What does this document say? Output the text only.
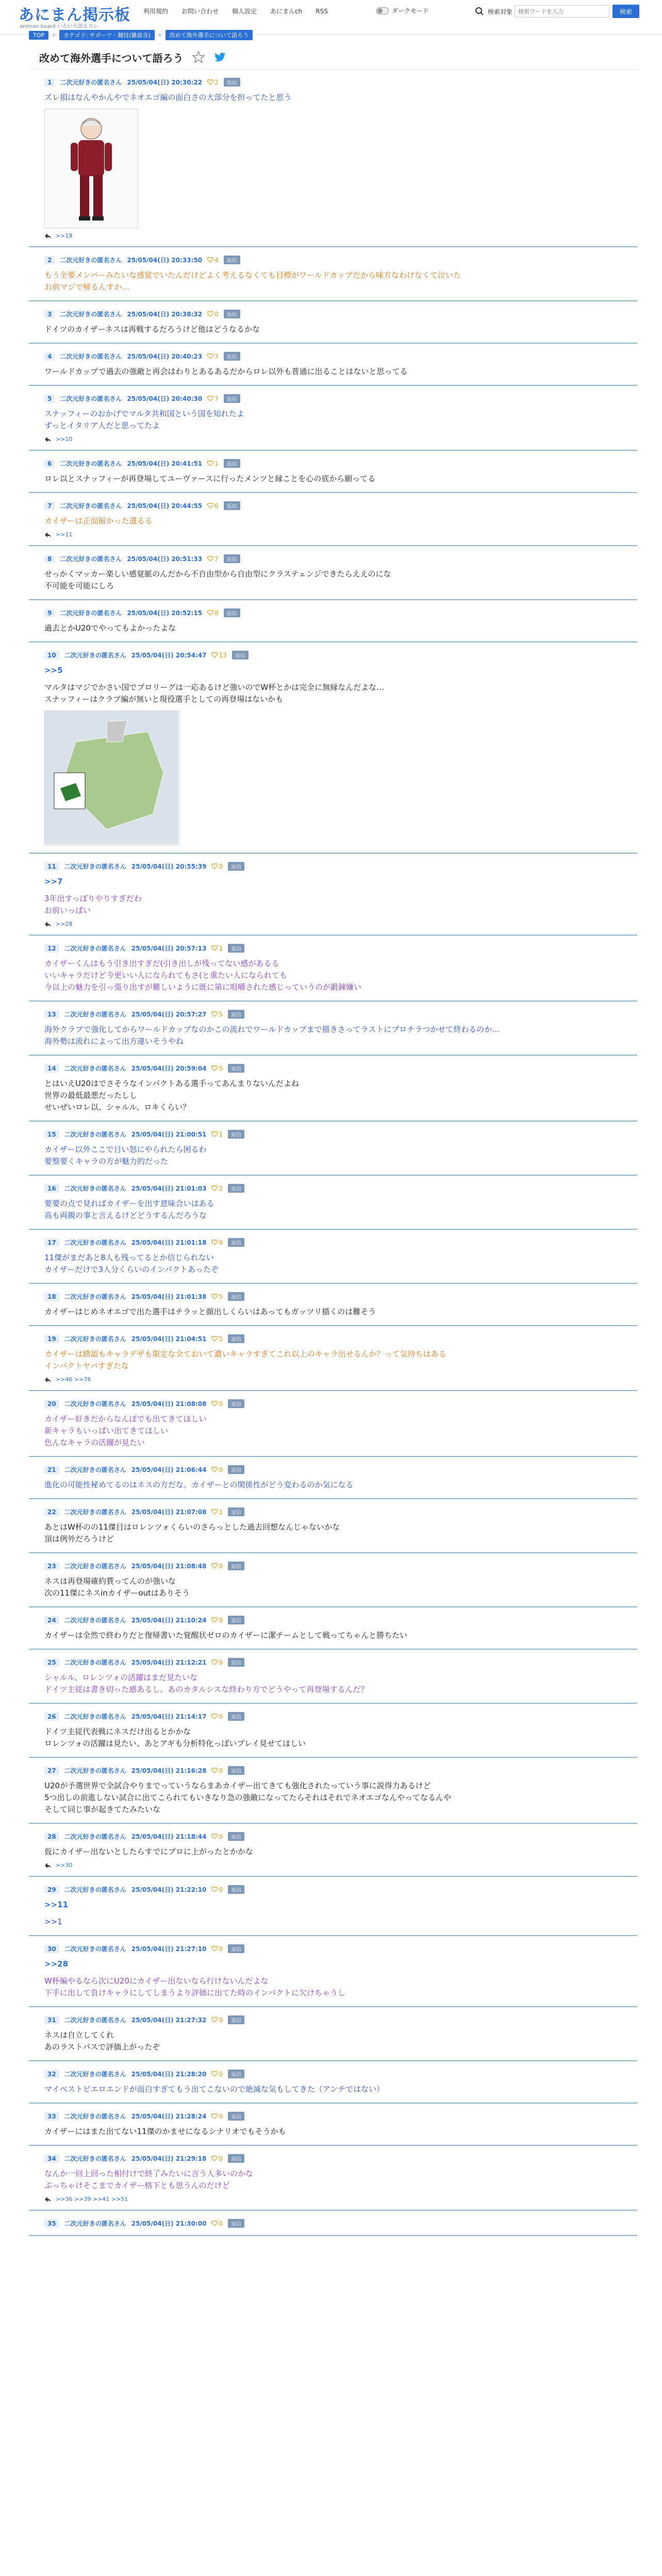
あにまん掲示板
animan board いろいろ語るスレ
利用規約	お問い合わせ	個人設定	あにまんch	RSS	ダークモード	検索対象
検索ワードを入力	検索
TOP	›	カテゴリ: サポーツ・競技(雑談含)	›	改めて海外選手について語ろう
改めて海外選手について語ろう
1	二次元好きの匿名さん 25/05/04(日) 20:30:22 2	返信
ズレ損はなんやかんやでネオエゴ編の面白さの大部分を担ってたと思う
>>19
2	二次元好きの匿名さん 25/05/04(日) 20:33:50 4	返信
もう全要メンバーみたいな感覚でいたんだけどよく考えるなくても目標がワールドカップだから味方なわけなくて泣いた
お前マジで帰るんすか…
3	二次元好きの匿名さん 25/05/04(日) 20:38:32 0	返信
ドイツのカイザーネスは再戦するだろうけど他はどうなるかな
4	二次元好きの匿名さん 25/05/04(日) 20:40:23 3	返信
ワールドカップで過去の強敵と再会はわりとあるあるだからロレ以外も普通に出ることはないと思ってる
5	二次元好きの匿名さん 25/05/04(日) 20:40:30 7	返信
スナッフィーのおかげでマルタ共和国という国を知れたよ
ずっとイタリア人だと思ってたよ
>>10
6	二次元好きの匿名さん 25/05/04(日) 20:41:51 1	返信
ロレ以とスナッフィーが再登場してユーヴァースに行ったメンツと縁ことを心の底から願ってる
7	二次元好きの匿名さん 25/05/04(日) 20:44:55 6	返信
カイザーは正面揃かった遺るる
>>11
8	二次元好きの匿名さん 25/05/04(日) 20:51:33 7	返信
せっかくマッカー楽しい感覚脈のんだから不自由型から自由型にクラステェンジできたらええのにな
不可能を可能にしろ
9	二次元好きの匿名さん 25/05/04(日) 20:52:15 8	返信
過去とかU20でやってもよかったよな
10	二次元好きの匿名さん 25/05/04(日) 20:54:47 13	返信
>>5
マルタはマジでかさい国でプロリーグは一応あるけど強いのでW杯とかは完全に無縁なんだよな…
スナッフィーはクラブ編が無いと現役選手としての再登場はないかも
11	二次元好きの匿名さん 25/05/04(日) 20:55:39 0	返信
>>7
3年出すっぽりやりすぎだわ
お前いっぱい
>>28
12	二次元好きの匿名さん 25/05/04(日) 20:57:13 1	返信
カイザーくんはもう引き出すぎだ(引き出しが残ってない感があるる
いいキャラだけど今更いい人になられてもさ(と重たい人になられても
今以上の魅力を引っ張り出すが難しいように既に第に咀嚼された感じっていうのが鍛錬嫌い
13	二次元好きの匿名さん 25/05/04(日) 20:57:27 5	返信
海外クラブで強化してからワールドカップなのかこの流れでワールドカップまで描きさってラストにプロチラつかせて終わるのか…
海外勢は流れによって出方違いそうやね
14	二次元好きの匿名さん 25/05/04(日) 20:59:04 5	返信
とはいえU20はでさそうなインパクトある選手ってあんまりないんだよね
世界の最低最悪だったしし
せいぜいロレ以、シャルル、ロキくらい？
15	二次元好きの匿名さん 25/05/04(日) 21:00:51 1	返信
カイザー以外ここで目い怒にやられたら困るわ
要整要くキャラの方が魅力的だった
16	二次元好きの匿名さん 25/05/04(日) 21:01:03 2	返信
要要の点で見ればカイザーを出す意味合いはある
高も両親の事と言えるけどどうするんだろうな
17	二次元好きの匿名さん 25/05/04(日) 21:01:18 9	返信
11傑がまだあと8人も残ってるとか信じられない
カイザーだけで3人分くらいのインパクトあったぞ
18	二次元好きの匿名さん 25/05/04(日) 21:01:38 5	返信
カイザーはじめネオエゴで出た選手はチラッと顔出しくらいはあってもガッツリ描くのは難そう
19	二次元好きの匿名さん 25/05/04(日) 21:04:51 5	返信
カイザーは踏認もキャラデザも限定な全ておいて濃いキャラすぎてこれ以上のキャラ出せるんか？って気持ちはある
インパクトヤバすぎたな
>>46 >>76
20	二次元好きの匿名さん 25/05/04(日) 21:08:08 0	返信
カイザー好きだからなんぼでも出てきてほしい
新キャラもいっぱい出てきてほしい
色んなキャラの活躍が見たい
21	二次元好きの匿名さん 25/05/04(日) 21:06:44 0	返信
進化の可能性秘めてるのはネスの方だな。カイザーとの関係性がどう変わるのか気になる
22	二次元好きの匿名さん 25/05/04(日) 21:07:08 1	返信
あとはW杯のの11傑目はロレンツォくらいのさらっとした過去回想なんじゃないかな
頂は例外だろうけど
23	二次元好きの匿名さん 25/05/04(日) 21:08:48 0	返信
ネスは再登場確約貰ってんのが強いな
次の11傑にネスinカイザーoutはありそう
24	二次元好きの匿名さん 25/05/04(日) 21:10:24 0	返信
カイザーは全然で終わりだと復帰書いた覚醒状ゼロのカイザーに潔チームとして戦ってちゃんと勝ちたい
25	二次元好きの匿名さん 25/05/04(日) 21:12:21 0	返信
シャルル、ロレンツォの活躍はまだ見たいな
ドイツ主従は書き切った感あるし、あのカタルシスな終わり方でどうやって再登場するんだ？
26	二次元好きの匿名さん 25/05/04(日) 21:14:17 0	返信
ドイツ主従代表戦にネスだけ出るとかかな
ロレンツォの活躍は見たい、あとアギも分析特化っぽいプレイ見せてほしい
27	二次元好きの匿名さん 25/05/04(日) 21:16:28 0	返信
U20が予選世界で全試合やりまでっていうならまあカイザー出てきても強化されたっていう事に説得力あるけど
5つ出しの前進しない試合に出てこられてもいきなり急の強敵になってたらそれはそれでネオエゴなんやってなるんや
そして同じ事が起きてたみたいな
28	二次元好きの匿名さん 25/05/04(日) 21:18:44 0	返信
仮にカイザー出ないとしたらすでにプロに上がったとかかな
>>30
29	二次元好きの匿名さん 25/05/04(日) 21:22:10 0	返信
>>11
>>1
30	二次元好きの匿名さん 25/05/04(日) 21:27:10 0	返信
>>28
W杯編やるなら次にU20にカイザー出ないなら行けないんだよな
下手に出して負けキャラにしてしまうより評価に出てた時のインパクトに欠けちゃうし
31	二次元好きの匿名さん 25/05/04(日) 21:27:32 0	返信
ネスは自立してくれ
あのラストパスで評価上がったぞ
32	二次元好きの匿名さん 25/05/04(日) 21:28:20 0	返信
マイベストビエロエンドが面白すぎてもう出てこないので絶滅な気もしてきた（アンチではない）
33	二次元好きの匿名さん 25/05/04(日) 21:28:24 0	返信
カイザーにはまた出てない11傑のかませになるシナリオでもそうかも
34	二次元好きの匿名さん 25/05/04(日) 21:29:18 0	返信
なんか一回上回った相付けで終了みたいに言う人多いのかな
ぶっちゃけそこまでカイザー格下とも思うんのだけど
>>36 >>39 >>41 >>51
35	二次元好きの匿名さん 25/05/04(日) 21:30:00 0	返信
